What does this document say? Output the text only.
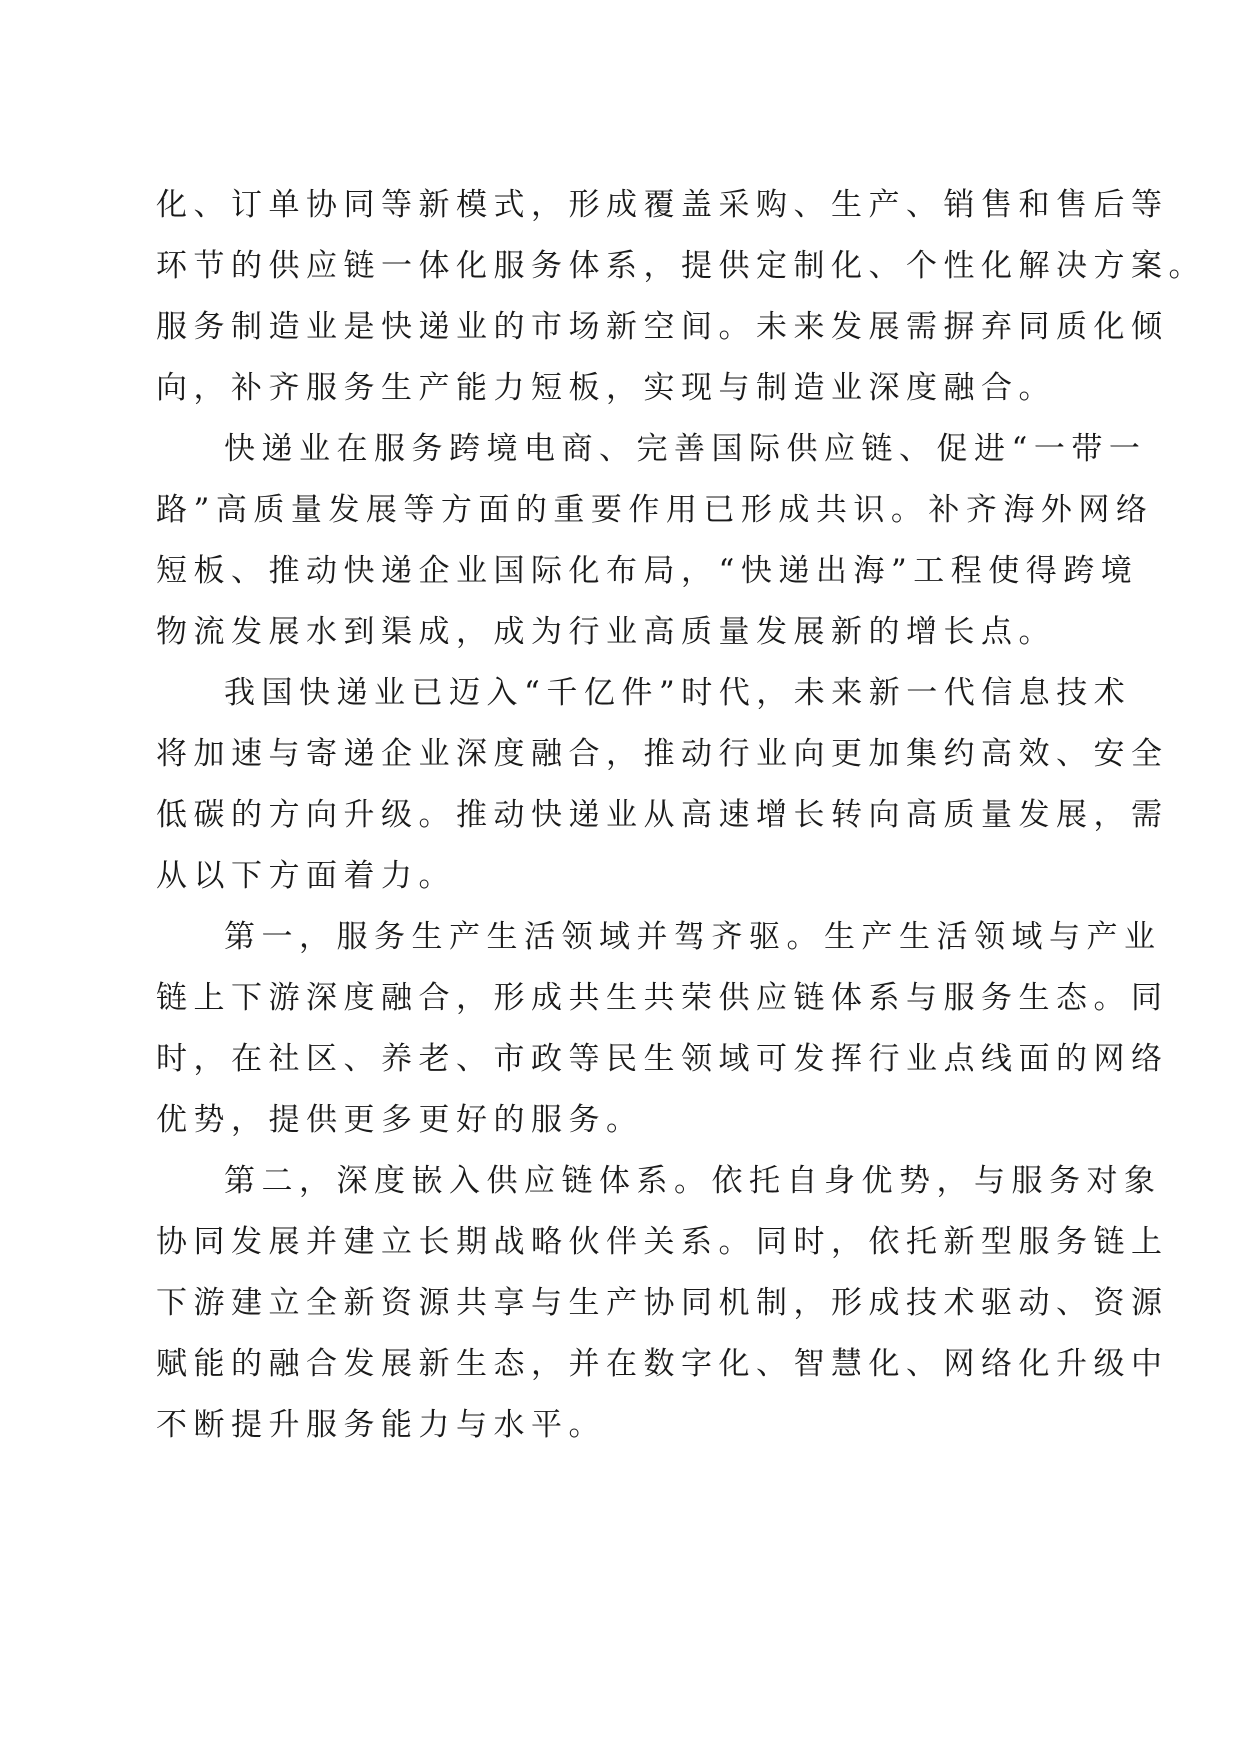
化、订单协同等新模式，形成覆盖采购、生产、销售和售后等
环节的供应链一体化服务体系，提供定制化、个性化解决方案。
服务制造业是快递业的市场新空间。未来发展需摒弃同质化倾
向，补齐服务生产能力短板，实现与制造业深度融合。
快递业在服务跨境电商、完善国际供应链、促进“一带一
路”高质量发展等方面的重要作用已形成共识。补齐海外网络
短板、推动快递企业国际化布局，“快递出海”工程使得跨境
物流发展水到渠成，成为行业高质量发展新的增长点。
我国快递业已迈入“千亿件”时代，未来新一代信息技术
将加速与寄递企业深度融合，推动行业向更加集约高效、安全
低碳的方向升级。推动快递业从高速增长转向高质量发展，需
从以下方面着力。
第一，服务生产生活领域并驾齐驱。生产生活领域与产业
链上下游深度融合，形成共生共荣供应链体系与服务生态。同
时，在社区、养老、市政等民生领域可发挥行业点线面的网络
优势，提供更多更好的服务。
第二，深度嵌入供应链体系。依托自身优势，与服务对象
协同发展并建立长期战略伙伴关系。同时，依托新型服务链上
下游建立全新资源共享与生产协同机制，形成技术驱动、资源
赋能的融合发展新生态，并在数字化、智慧化、网络化升级中
不断提升服务能力与水平。
